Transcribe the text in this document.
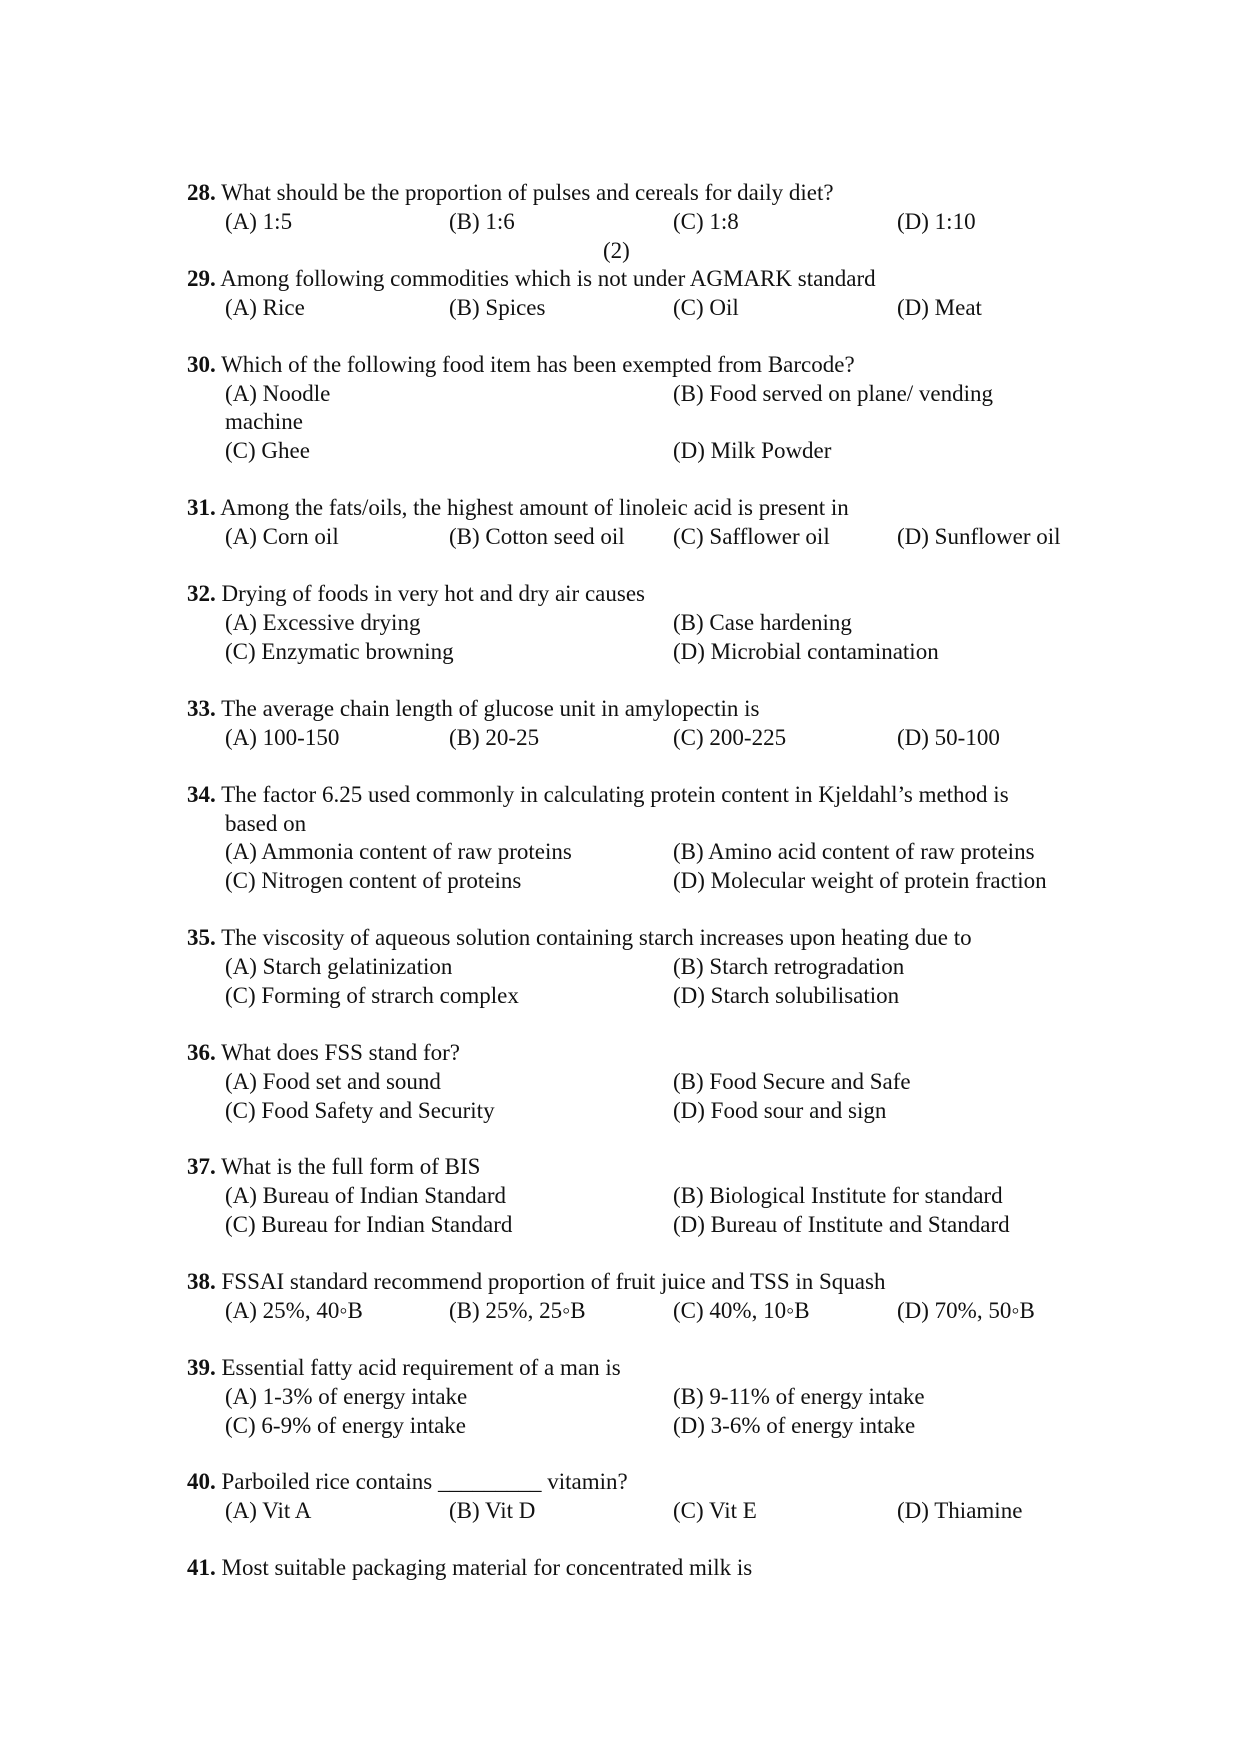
28. What should be the proportion of pulses and cereals for daily diet?
(A) 1:5	(B) 1:6	(C) 1:8	(D) 1:10
(2)
29. Among following commodities which is not under AGMARK standard
(A) Rice	(B) Spices	(C) Oil	(D) Meat
30. Which of the following food item has been exempted from Barcode?
(A) Noodle	(B) Food served on plane/ vending
machine
(C) Ghee	(D) Milk Powder
31. Among the fats/oils, the highest amount of linoleic acid is present in
(A) Corn oil	(B) Cotton seed oil (C) Safflower oil	(D) Sunflower oil
32. Drying of foods in very hot and dry air causes
(A) Excessive drying	(B) Case hardening
(C) Enzymatic browning	(D) Microbial contamination
33. The average chain length of glucose unit in amylopectin is
(A) 100-150	(B) 20-25	(C) 200-225	(D) 50-100
34. The factor 6.25 used commonly in calculating protein content in Kjeldahl’s method is
based on
(A) Ammonia content of raw proteins	(B) Amino acid content of raw proteins
(C) Nitrogen content of proteins	(D) Molecular weight of protein fraction
35. The viscosity of aqueous solution containing starch increases upon heating due to
(A) Starch gelatinization	(B) Starch retrogradation
(C) Forming of strarch complex	(D) Starch solubilisation
36. What does FSS stand for?
(A) Food set and sound	(B) Food Secure and Safe
(C) Food Safety and Security	(D) Food sour and sign
37. What is the full form of BIS
(A) Bureau of Indian Standard	(B) Biological Institute for standard
(C) Bureau for Indian Standard	(D) Bureau of Institute and Standard
38. FSSAI standard recommend proportion of fruit juice and TSS in Squash
(A) 25%, 40◦B	(B) 25%, 25◦B	(C) 40%, 10◦B	(D) 70%, 50◦B
39. Essential fatty acid requirement of a man is
(A) 1-3% of energy intake	(B) 9-11% of energy intake
(C) 6-9% of energy intake	(D) 3-6% of energy intake
40. Parboiled rice contains _________ vitamin?
(A) Vit A	(B) Vit D	(C) Vit E	(D) Thiamine
41. Most suitable packaging material for concentrated milk is
